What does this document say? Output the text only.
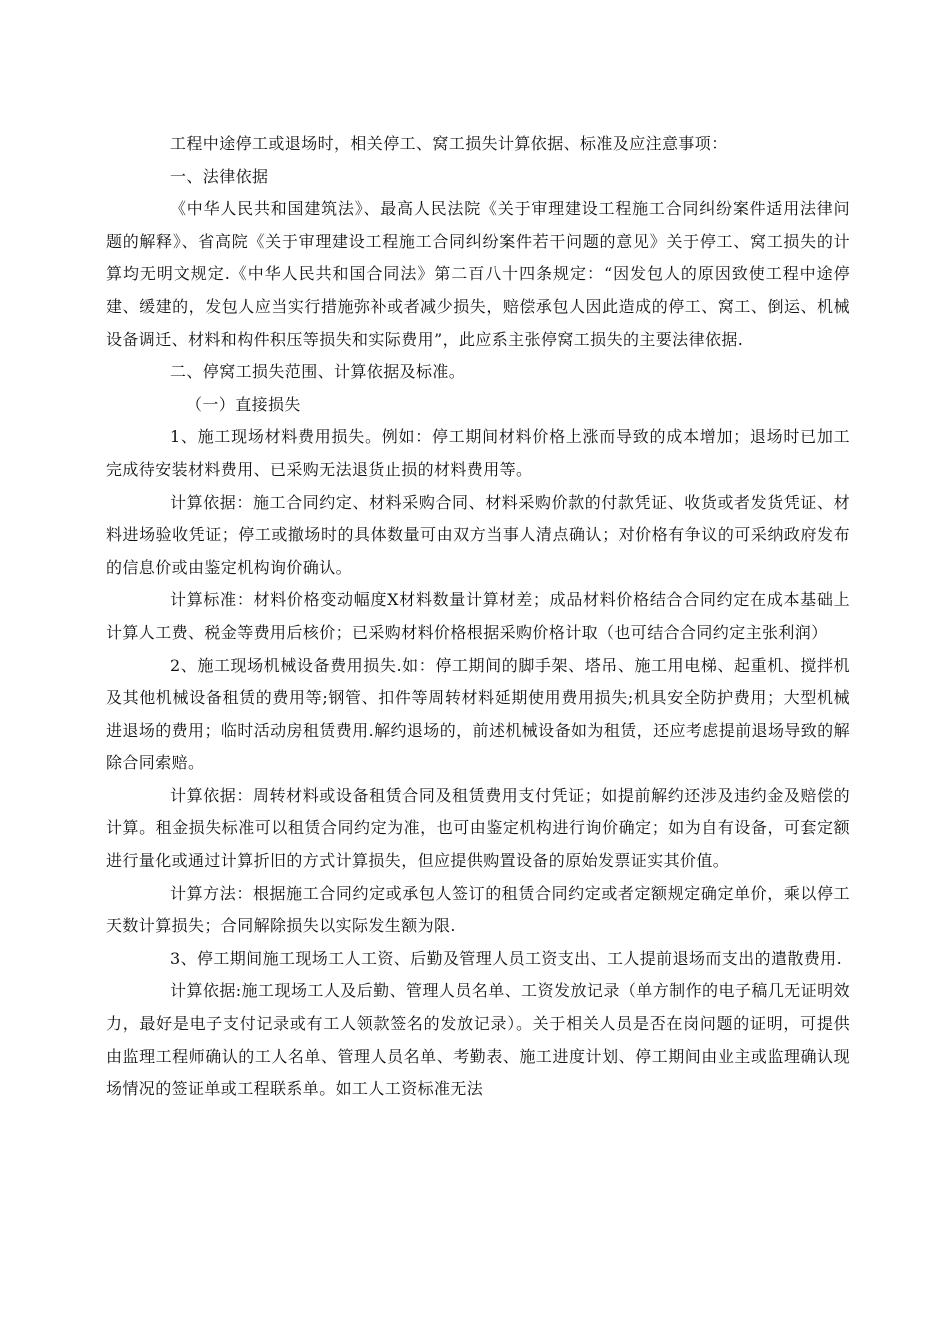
工程中途停工或退场时，相关停工、窝工损失计算依据、标准及应注意事项：

一、法律依据

《中华人民共和国建筑法》、最高人民法院《关于审理建设工程施工合同纠纷案件适用法律问题的解释》、省高院《关于审理建设工程施工合同纠纷案件若干问题的意见》关于停工、窝工损失的计算均无明文规定.《中华人民共和国合同法》第二百八十四条规定：“因发包人的原因致使工程中途停建、缓建的，发包人应当实行措施弥补或者减少损失，赔偿承包人因此造成的停工、窝工、倒运、机械设备调迁、材料和构件积压等损失和实际费用”，此应系主张停窝工损失的主要法律依据.

二、停窝工损失范围、计算依据及标准。

（一）直接损失

1、施工现场材料费用损失。例如：停工期间材料价格上涨而导致的成本增加；退场时已加工完成待安装材料费用、已采购无法退货止损的材料费用等。

计算依据：施工合同约定、材料采购合同、材料采购价款的付款凭证、收货或者发货凭证、材料进场验收凭证；停工或撤场时的具体数量可由双方当事人清点确认；对价格有争议的可采纳政府发布的信息价或由鉴定机构询价确认。

计算标准：材料价格变动幅度X材料数量计算材差；成品材料价格结合合同约定在成本基础上计算人工费、税金等费用后核价；已采购材料价格根据采购价格计取（也可结合合同约定主张利润）

2、施工现场机械设备费用损失.如：停工期间的脚手架、塔吊、施工用电梯、起重机、搅拌机及其他机械设备租赁的费用等;钢管、扣件等周转材料延期使用费用损失;机具安全防护费用；大型机械进退场的费用；临时活动房租赁费用.解约退场的，前述机械设备如为租赁，还应考虑提前退场导致的解除合同索赔。

计算依据：周转材料或设备租赁合同及租赁费用支付凭证；如提前解约还涉及违约金及赔偿的计算。租金损失标准可以租赁合同约定为准，也可由鉴定机构进行询价确定；如为自有设备，可套定额进行量化或通过计算折旧的方式计算损失，但应提供购置设备的原始发票证实其价值。

计算方法：根据施工合同约定或承包人签订的租赁合同约定或者定额规定确定单价，乘以停工天数计算损失；合同解除损失以实际发生额为限.

3、停工期间施工现场工人工资、后勤及管理人员工资支出、工人提前退场而支出的遣散费用.

计算依据:施工现场工人及后勤、管理人员名单、工资发放记录（单方制作的电子稿几无证明效力，最好是电子支付记录或有工人领款签名的发放记录）。关于相关人员是否在岗问题的证明，可提供由监理工程师确认的工人名单、管理人员名单、考勤表、施工进度计划、停工期间由业主或监理确认现场情况的签证单或工程联系单。如工人工资标准无法
